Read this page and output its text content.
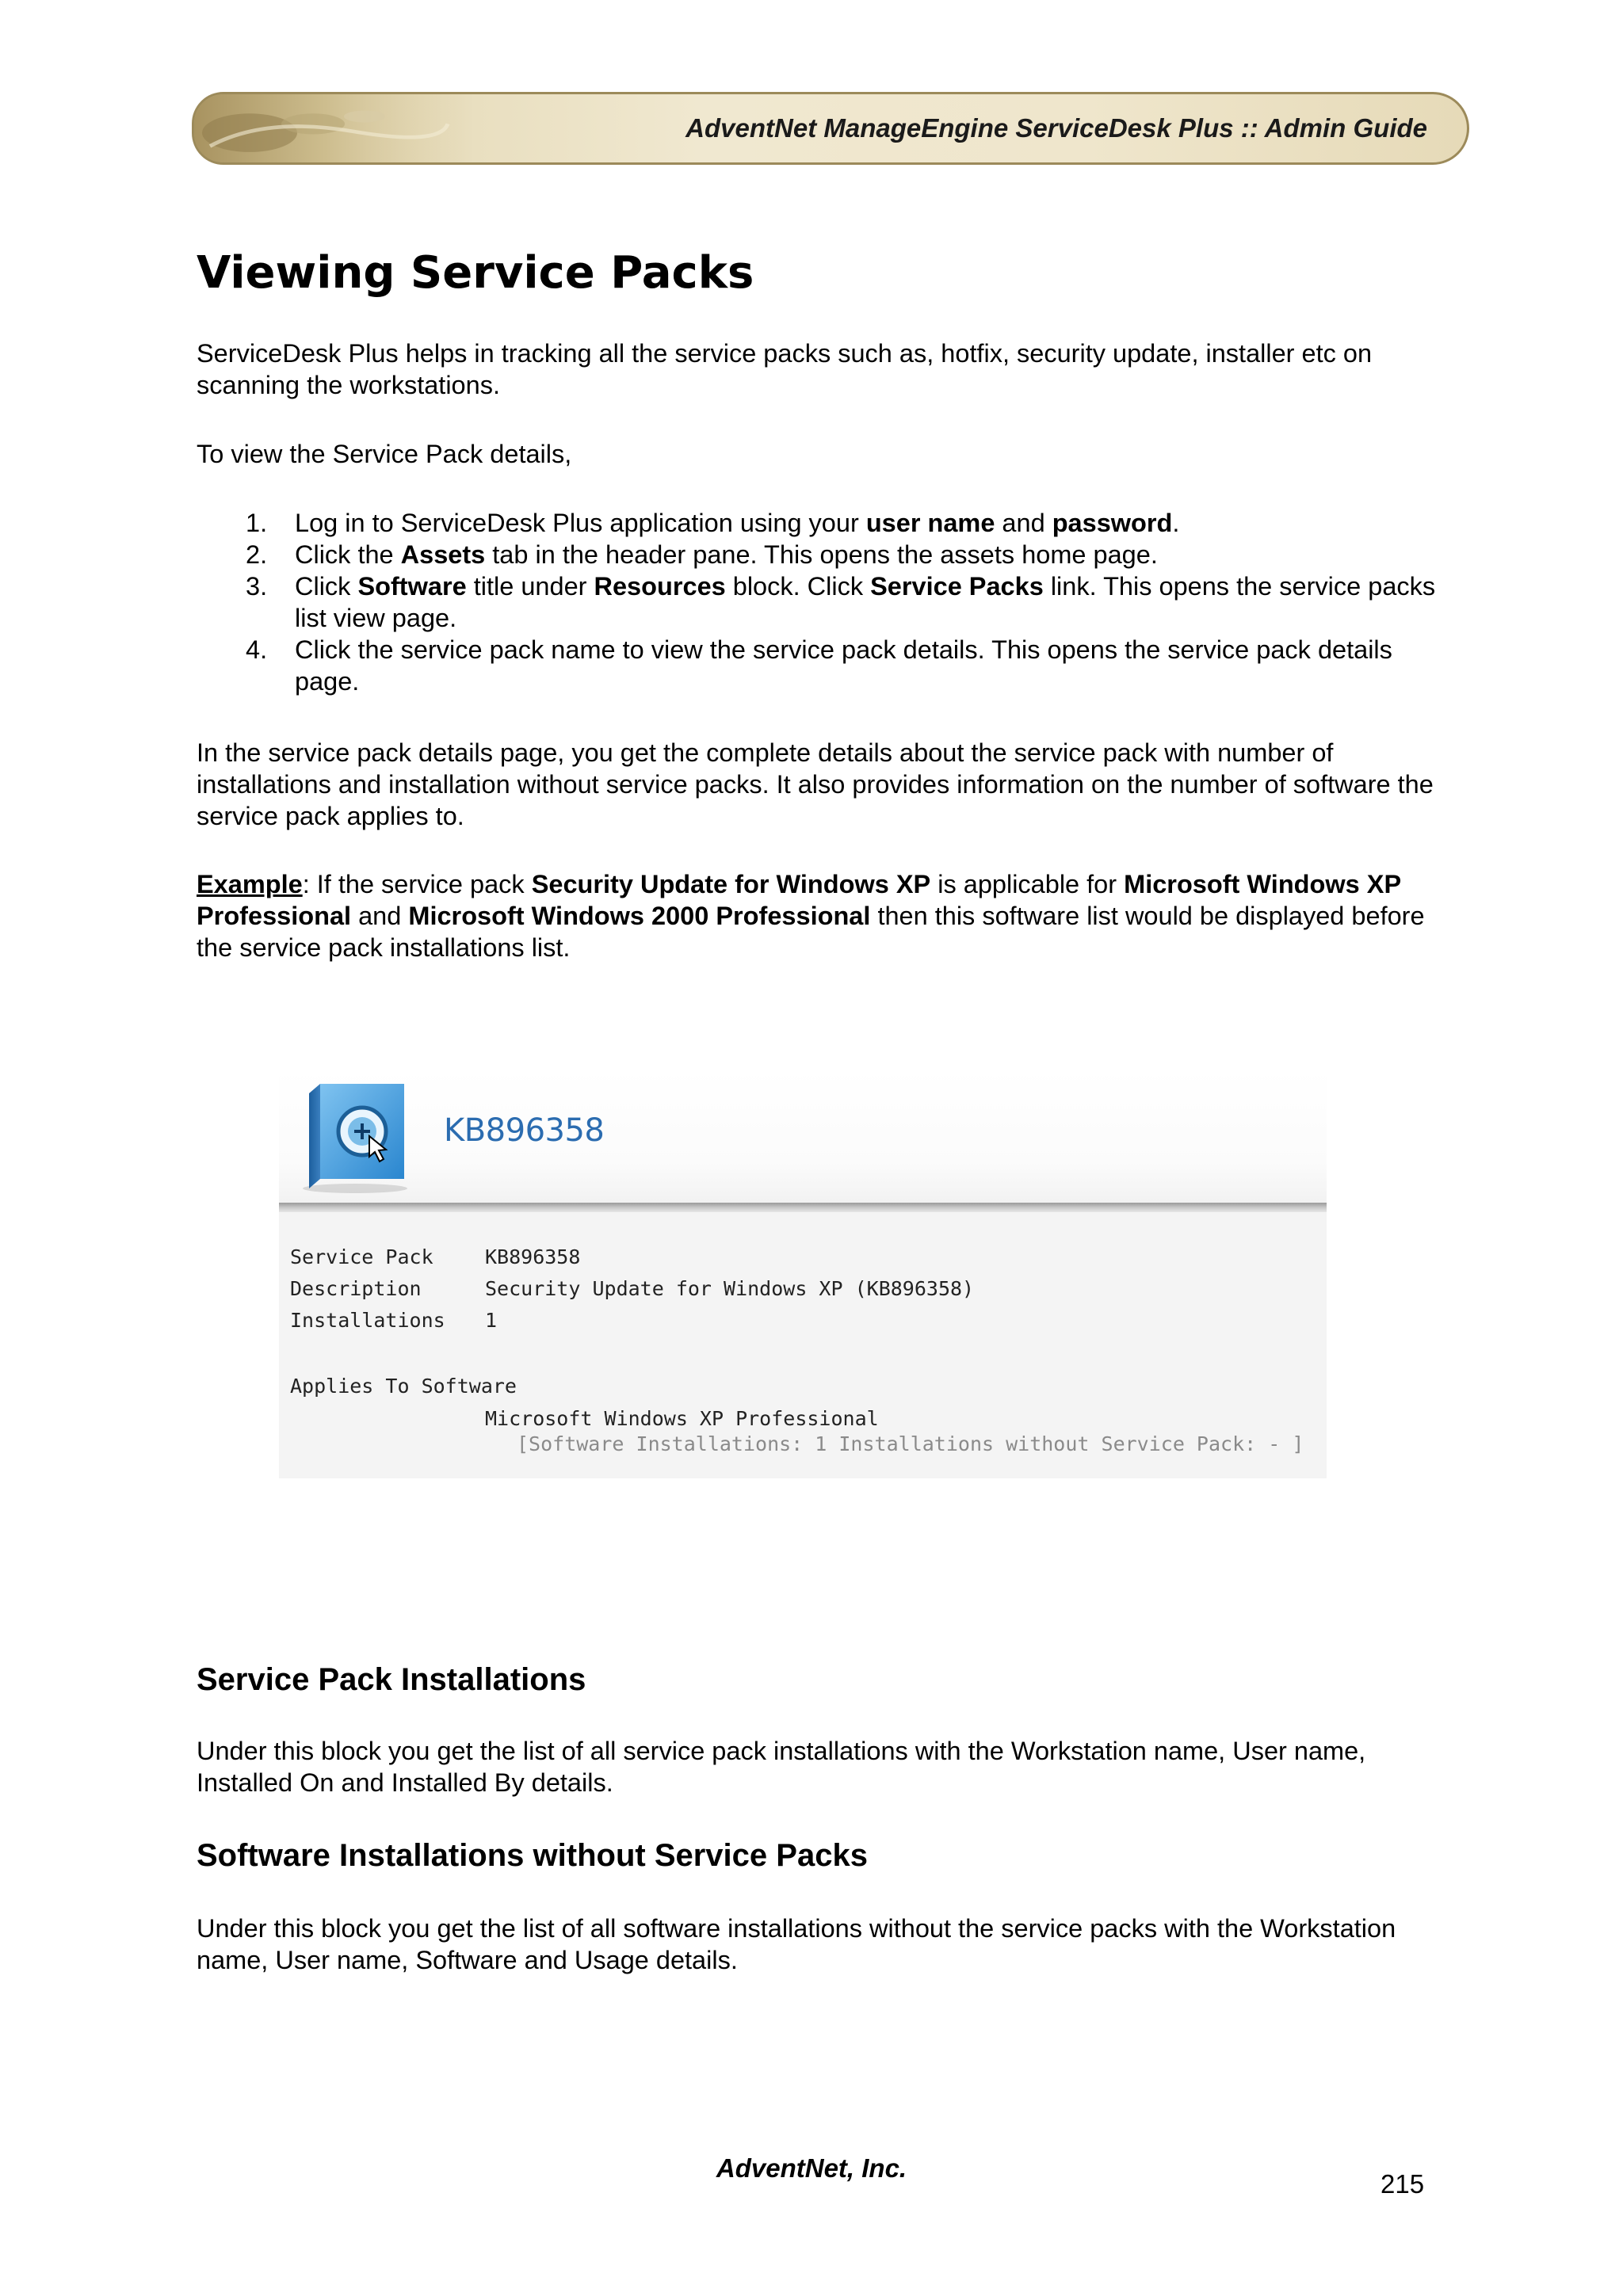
AdventNet ManageEngine ServiceDesk Plus :: Admin Guide
Viewing Service Packs
ServiceDesk Plus helps in tracking all the service packs such as, hotfix, security update, installer etc on scanning the workstations.
To view the Service Pack details,

1. Log in to ServiceDesk Plus application using your user name and password.

2. Click the Assets tab in the header pane. This opens the assets home page.

3. Click Software title under Resources block. Click Service Packs link. This opens the service packs list view page.

4. Click the service pack name to view the service pack details. This opens the service pack details page.

In the service pack details page, you get the complete details about the service pack with number of installations and installation without service packs. It also provides information on the number of software the service pack applies to.
Example: If the service pack Security Update for Windows XP is applicable for Microsoft Windows XP Professional and Microsoft Windows 2000 Professional then this software list would be displayed before the service pack installations list.
KB896358
Service Pack	KB896358
Description	Security Update for Windows XP (KB896358)
Installations 1
Applies To Software
Microsoft Windows XP Professional
[Software Installations: 1 Installations without Service Pack: - ]
Service Pack Installations
Under this block you get the list of all service pack installations with the Workstation name, User name, Installed On and Installed By details.
Software Installations without Service Packs
Under this block you get the list of all software installations without the service packs with the Workstation name, User name, Software and Usage details.
AdventNet, Inc.
215
